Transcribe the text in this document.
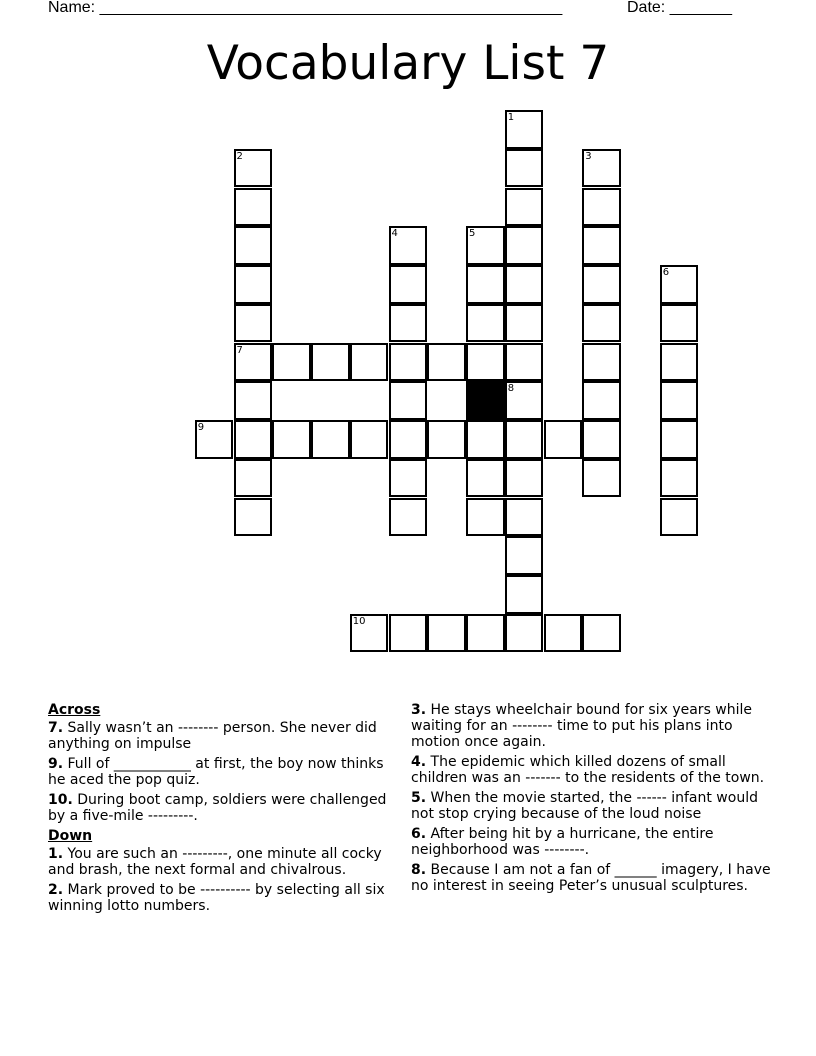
Name: ____________________________________________________	Date: _______
Vocabulary List 7
1
2
7
3
4	5
6
8
9
10
Across
7. Sally wasn’t an -------- person. She never did anything on impulse
9. Full of ___________ at first, the boy now thinks he aced the pop quiz.
10. During boot camp, soldiers were challenged by a five-mile ---------.
Down
1. You are such an ---------, one minute all cocky and brash, the next formal and chivalrous.
2. Mark proved to be ---------- by selecting all six winning lotto numbers.
3. He stays wheelchair bound for six years while waiting for an -------- time to put his plans into motion once again.
4. The epidemic which killed dozens of small children was an ------- to the residents of the town.
5. When the movie started, the ------ infant would not stop crying because of the loud noise
6. After being hit by a hurricane, the entire neighborhood was --------.
8. Because I am not a fan of ______ imagery, I have no interest in seeing Peter’s unusual sculptures.
